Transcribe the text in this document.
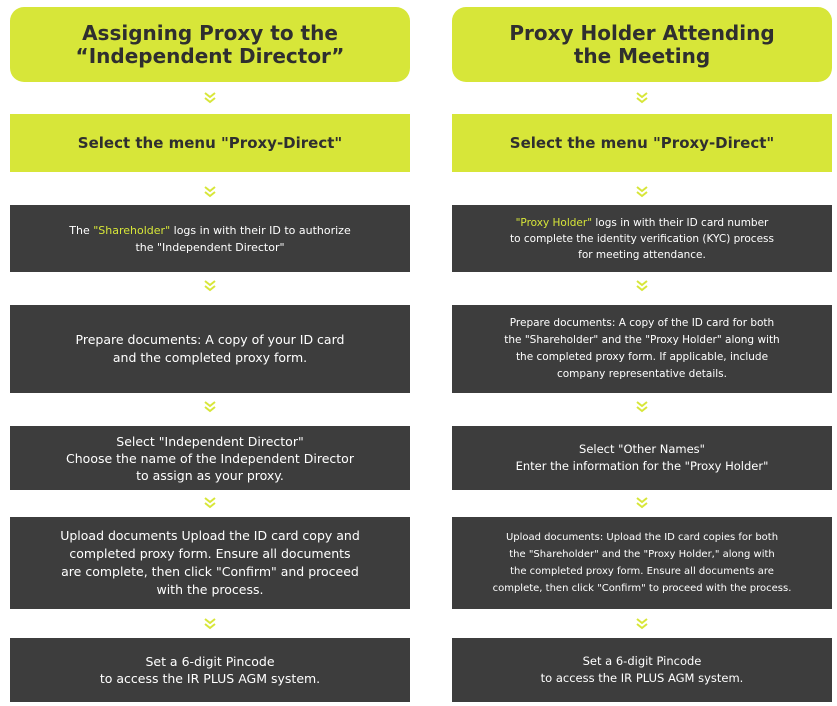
Assigning Proxy to the
“Independent Director”
Select the menu "Proxy-Direct"
The "Shareholder" logs in with their ID to authorize
the "Independent Director"
Prepare documents: A copy of your ID card
and the completed proxy form.
Select "Independent Director"
Choose the name of the Independent Director
to assign as your proxy.
Upload documents Upload the ID card copy and
completed proxy form. Ensure all documents
are complete, then click "Confirm" and proceed
with the process.
Set a 6-digit Pincode
to access the IR PLUS AGM system.
Proxy Holder Attending
the Meeting
Select the menu "Proxy-Direct"
"Proxy Holder" logs in with their ID card number
to complete the identity verification (KYC) process
for meeting attendance.
Prepare documents: A copy of the ID card for both
the "Shareholder" and the "Proxy Holder" along with
the completed proxy form. If applicable, include
company representative details.
Select "Other Names"
Enter the information for the "Proxy Holder"
Upload documents: Upload the ID card copies for both
the "Shareholder" and the "Proxy Holder," along with
the completed proxy form. Ensure all documents are
complete, then click "Confirm" to proceed with the process.
Set a 6-digit Pincode
to access the IR PLUS AGM system.
